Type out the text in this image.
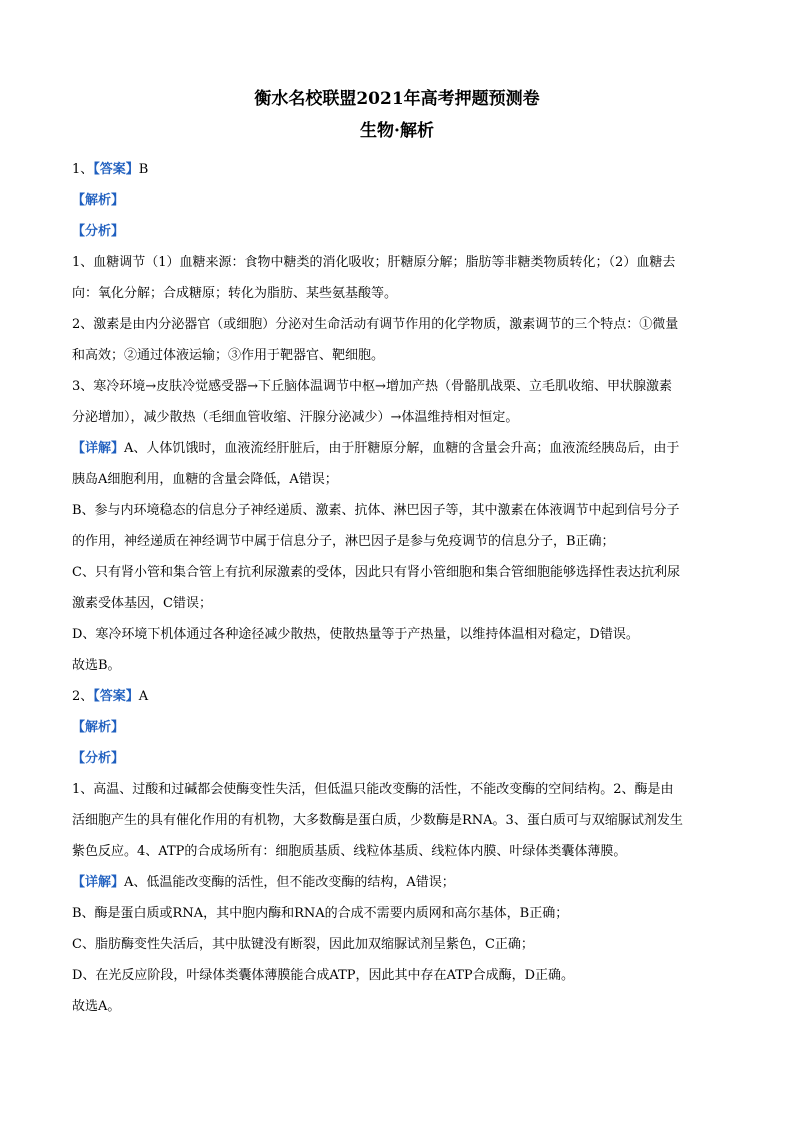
衡水名校联盟2021年高考押题预测卷

生物·解析

1、【答案】B

【解析】

【分析】

1、血糖调节（1）血糖来源：食物中糖类的消化吸收；肝糖原分解；脂肪等非糖类物质转化；（2）血糖去

向：氧化分解；合成糖原；转化为脂肪、某些氨基酸等。

2、激素是由内分泌器官（或细胞）分泌对生命活动有调节作用的化学物质，激素调节的三个特点：①微量

和高效；②通过体液运输；③作用于靶器官、靶细胞。

3、寒冷环境→皮肤冷觉感受器→下丘脑体温调节中枢→增加产热（骨骼肌战栗、立毛肌收缩、甲状腺激素

分泌增加），减少散热（毛细血管收缩、汗腺分泌减少）→体温维持相对恒定。

【详解】A、人体饥饿时，血液流经肝脏后，由于肝糖原分解，血糖的含量会升高；血液流经胰岛后，由于

胰岛A细胞利用，血糖的含量会降低，A错误；

B、参与内环境稳态的信息分子神经递质、激素、抗体、淋巴因子等，其中激素在体液调节中起到信号分子

的作用，神经递质在神经调节中属于信息分子，淋巴因子是参与免疫调节的信息分子，B正确；

C、只有肾小管和集合管上有抗利尿激素的受体，因此只有肾小管细胞和集合管细胞能够选择性表达抗利尿

激素受体基因，C错误；

D、寒冷环境下机体通过各种途径减少散热，使散热量等于产热量，以维持体温相对稳定，D错误。

故选B。

2、【答案】A

【解析】

【分析】

1、高温、过酸和过碱都会使酶变性失活，但低温只能改变酶的活性，不能改变酶的空间结构。2、酶是由

活细胞产生的具有催化作用的有机物，大多数酶是蛋白质，少数酶是RNA。3、蛋白质可与双缩脲试剂发生

紫色反应。4、ATP的合成场所有：细胞质基质、线粒体基质、线粒体内膜、叶绿体类囊体薄膜。

【详解】A、低温能改变酶的活性，但不能改变酶的结构，A错误；

B、酶是蛋白质或RNA，其中胞内酶和RNA的合成不需要内质网和高尔基体，B正确；

C、脂肪酶变性失活后，其中肽键没有断裂，因此加双缩脲试剂呈紫色，C正确；

D、在光反应阶段，叶绿体类囊体薄膜能合成ATP，因此其中存在ATP合成酶，D正确。

故选A。
